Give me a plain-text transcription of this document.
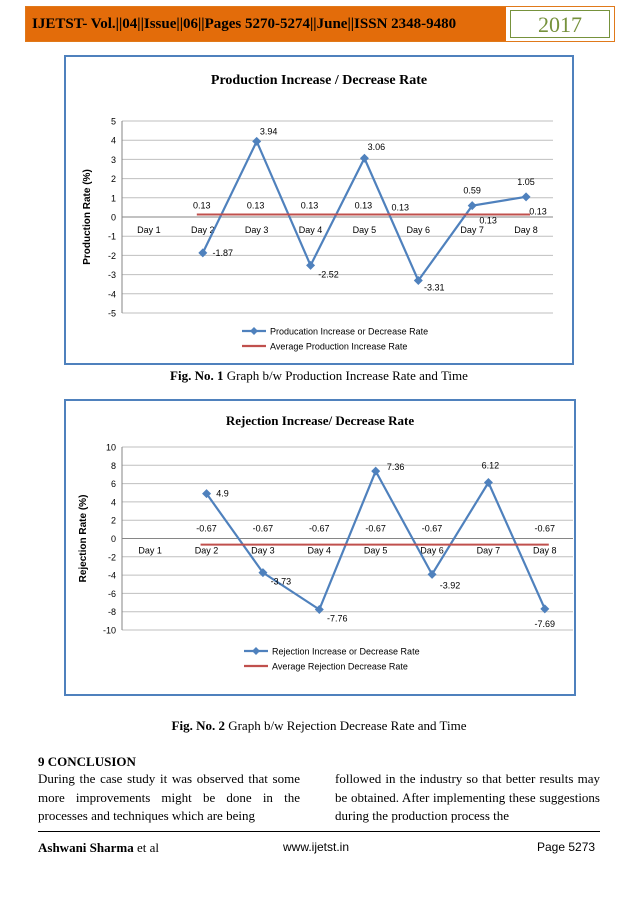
IJETST- Vol.||04||Issue||06||Pages 5270-5274||June||ISSN 2348-9480	2017
Production Increase / Decrease Rate
5
4
3
2
1
0
-1
-2
-3
-4
-5
Production Rate (%)	Day 1	Day 2	Day 3	Day 4	Day 5	Day 6	Day 7	Day 8
-1.87
3.94
-2.52
3.06
-3.31
0.59
1.05
0.13	0.13	0.13	0.13 0.13
0.13
0.13
Producation Increase or Decrease Rate
Average Production Increase Rate
Fig. No. 1 Graph b/w Production Increase Rate and Time
Rejection Increase/ Decrease Rate
10
8
6
4
2
0
-2
-4
-6
-8
-10
Rejection Rate (%)	Day 1	Day 2	Day 3	Day 4	Day 5	Day 6	Day 7	Day 8
4.9
-3.73
-7.76
7.36
-3.92
6.12
-7.69
-0.67	-0.67	-0.67	-0.67	-0.67	-0.67
Rejection Increase or Decrease Rate
Average Rejection Decrease Rate
Fig. No. 2 Graph b/w Rejection Decrease Rate and Time
9 CONCLUSION
During the case study it was observed that some more improvements might be done in the processes and techniques which are being
followed in the industry so that better results may be obtained. After implementing these suggestions during the production process the
Ashwani Sharma et al	www.ijetst.in	Page 5273
